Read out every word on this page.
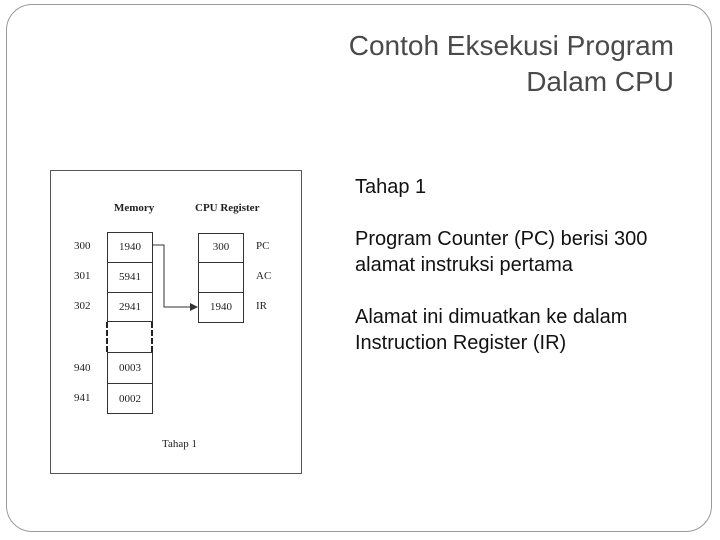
Contoh Eksekusi Program
Dalam CPU
Memory	CPU Register
300	1940
301	5941
302	2941
940	0003
941	0002
300	PC
AC
1940	IR
Tahap 1

Tahap 1

Program Counter (PC) berisi 300 alamat instruksi pertama

Alamat ini dimuatkan ke dalam Instruction Register (IR)
